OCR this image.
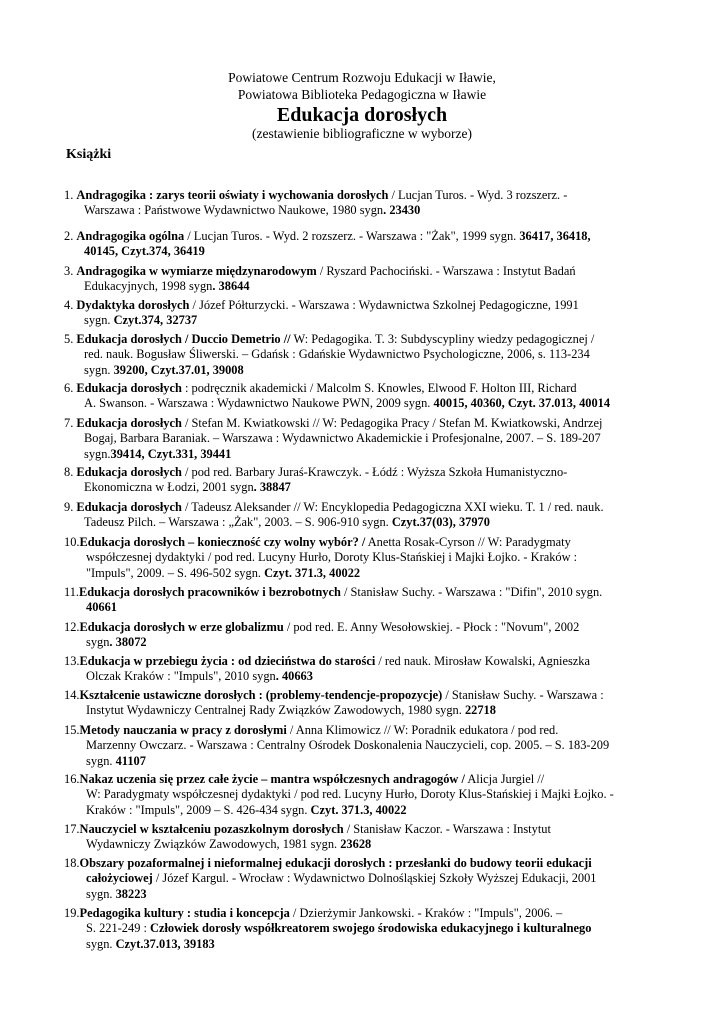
Powiatowe Centrum Rozwoju Edukacji w Iławie,
Powiatowa Biblioteka Pedagogiczna w Iławie
Edukacja dorosłych
(zestawienie bibliograficzne w wyborze)
Książki
1.
Andragogika : zarys teorii oświaty i wychowania dorosłych / Lucjan Turos. - Wyd. 3 rozszerz. -
Warszawa : Państwowe Wydawnictwo Naukowe, 1980 sygn. 23430
2.
Andragogika ogólna / Lucjan Turos. - Wyd. 2 rozszerz. - Warszawa : "Żak", 1999 sygn. 36417, 36418,
40145, Czyt.374, 36419
3.
Andragogika w wymiarze międzynarodowym / Ryszard Pachociński. - Warszawa : Instytut Badań
Edukacyjnych, 1998 sygn. 38644
4.
Dydaktyka dorosłych / Józef Półturzycki. - Warszawa : Wydawnictwa Szkolnej Pedagogiczne, 1991
sygn. Czyt.374, 32737
5.
Edukacja dorosłych / Duccio Demetrio // W: Pedagogika. T. 3: Subdyscypliny wiedzy pedagogicznej /
red. nauk. Bogusław Śliwerski. – Gdańsk : Gdańskie Wydawnictwo Psychologiczne, 2006, s. 113-234
sygn. 39200, Czyt.37.01, 39008
6.
Edukacja dorosłych : podręcznik akademicki / Malcolm S. Knowles, Elwood F. Holton III, Richard
A. Swanson. - Warszawa : Wydawnictwo Naukowe PWN, 2009 sygn. 40015, 40360, Czyt. 37.013, 40014
7.
Edukacja dorosłych / Stefan M. Kwiatkowski // W: Pedagogika Pracy / Stefan M. Kwiatkowski, Andrzej
Bogaj, Barbara Baraniak. – Warszawa : Wydawnictwo Akademickie i Profesjonalne, 2007. – S. 189-207
sygn.39414, Czyt.331, 39441
8.
Edukacja dorosłych / pod red. Barbary Juraś-Krawczyk. - Łódź : Wyższa Szkoła Humanistyczno-
Ekonomiczna w Łodzi, 2001 sygn. 38847
9.
Edukacja dorosłych / Tadeusz Aleksander // W: Encyklopedia Pedagogiczna XXI wieku. T. 1 / red. nauk.
Tadeusz Pilch. – Warszawa : „Żak", 2003. – S. 906-910 sygn. Czyt.37(03), 37970
10. Edukacja dorosłych – konieczność czy wolny wybór? / Anetta Rosak-Cyrson // W: Paradygmaty
współczesnej dydaktyki / pod red. Lucyny Hurło, Doroty Klus-Stańskiej i Majki Łojko. - Kraków :
"Impuls", 2009. – S. 496-502 sygn. Czyt. 371.3, 40022
11. Edukacja dorosłych pracowników i bezrobotnych / Stanisław Suchy. - Warszawa : "Difin", 2010 sygn.
40661
12. Edukacja dorosłych w erze globalizmu / pod red. E. Anny Wesołowskiej. - Płock : "Novum", 2002
sygn. 38072
13. Edukacja w przebiegu życia : od dzieciństwa do starości / red nauk. Mirosław Kowalski, Agnieszka
Olczak Kraków : "Impuls", 2010 sygn. 40663
14. Kształcenie ustawiczne dorosłych : (problemy-tendencje-propozycje) / Stanisław Suchy. - Warszawa :
Instytut Wydawniczy Centralnej Rady Związków Zawodowych, 1980 sygn. 22718
15. Metody nauczania w pracy z dorosłymi / Anna Klimowicz // W: Poradnik edukatora / pod red.
Marzenny Owczarz. - Warszawa : Centralny Ośrodek Doskonalenia Nauczycieli, cop. 2005. – S. 183-209
sygn. 41107
16. Nakaz uczenia się przez całe życie – mantra współczesnych andragogów / Alicja Jurgiel //
W: Paradygmaty współczesnej dydaktyki / pod red. Lucyny Hurło, Doroty Klus-Stańskiej i Majki Łojko. -
Kraków : "Impuls", 2009 – S. 426-434 sygn. Czyt. 371.3, 40022
17. Nauczyciel w kształceniu pozaszkolnym dorosłych / Stanisław Kaczor. - Warszawa : Instytut
Wydawniczy Związków Zawodowych, 1981 sygn. 23628
18. Obszary pozaformalnej i nieformalnej edukacji dorosłych : przesłanki do budowy teorii edukacji
całożyciowej / Józef Kargul. - Wrocław : Wydawnictwo Dolnośląskiej Szkoły Wyższej Edukacji, 2001
sygn. 38223
19. Pedagogika kultury : studia i koncepcja / Dzierżymir Jankowski. - Kraków : "Impuls", 2006. –
S. 221-249 : Człowiek dorosły współkreatorem swojego środowiska edukacyjnego i kulturalnego
sygn. Czyt.37.013, 39183
